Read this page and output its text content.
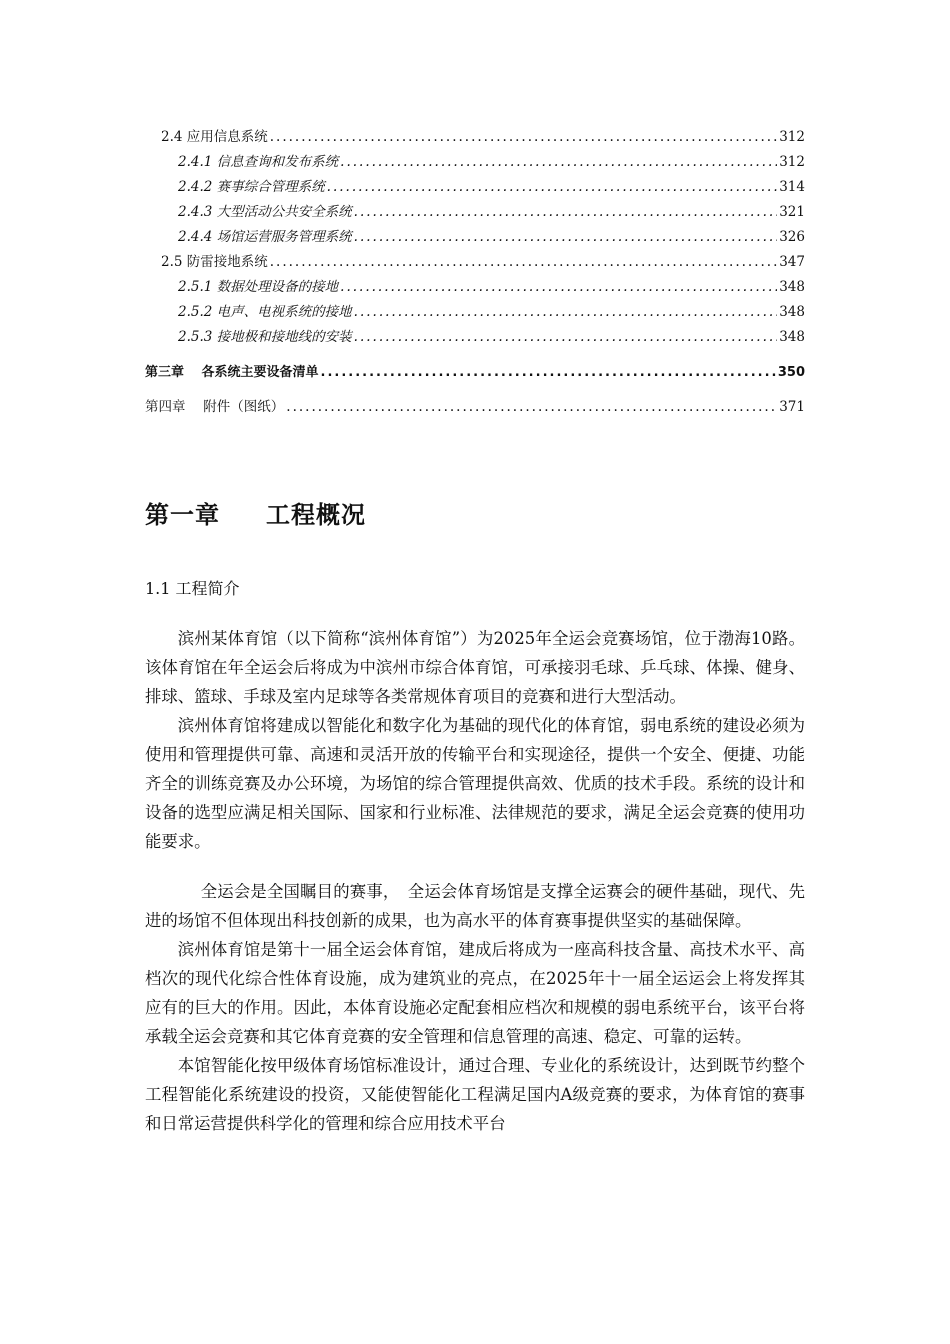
2.4 应用信息系统 .....	312
2.4.1 信息查询和发布系统 .....	312
2.4.2 赛事综合管理系统 .....	314
2.4.3 大型活动公共安全系统 .....	321
2.4.4 场馆运营服务管理系统 .....	326
2.5 防雷接地系统 .....	347
2.5.1 数据处理设备的接地 .....	348
2.5.2 电声、电视系统的接地 .....	348
2.5.3 接地极和接地线的安装 .....	348
第三章　 各系统主要设备清单 .....	350
第四章　 附件（图纸） .....	371
第一章 工程概况
1.1 工程简介

滨州某体育馆（以下简称“滨州体育馆”）为2025年全运会竞赛场馆，位于渤海10路。该体育馆在年全运会后将成为中滨州市综合体育馆，可承接羽毛球、乒乓球、体操、健身、排球、篮球、手球及室内足球等各类常规体育项目的竞赛和进行大型活动。

滨州体育馆将建成以智能化和数字化为基础的现代化的体育馆，弱电系统的建设必须为使用和管理提供可靠、高速和灵活开放的传输平台和实现途径，提供一个安全、便捷、功能齐全的训练竞赛及办公环境，为场馆的综合管理提供高效、优质的技术手段。系统的设计和设备的选型应满足相关国际、国家和行业标准、法律规范的要求，满足全运会竞赛的使用功能要求。

全运会是全国瞩目的赛事，　全运会体育场馆是支撑全运赛会的硬件基础，现代、先进的场馆不但体现出科技创新的成果，也为高水平的体育赛事提供坚实的基础保障。

滨州体育馆是第十一届全运会体育馆，建成后将成为一座高科技含量、高技术水平、高档次的现代化综合性体育设施，成为建筑业的亮点，在2025年十一届全运运会上将发挥其应有的巨大的作用。因此，本体育设施必定配套相应档次和规模的弱电系统平台，该平台将承载全运会竞赛和其它体育竞赛的安全管理和信息管理的高速、稳定、可靠的运转。

本馆智能化按甲级体育场馆标准设计，通过合理、专业化的系统设计，达到既节约整个工程智能化系统建设的投资，又能使智能化工程满足国内A级竞赛的要求，为体育馆的赛事和日常运营提供科学化的管理和综合应用技术平台
